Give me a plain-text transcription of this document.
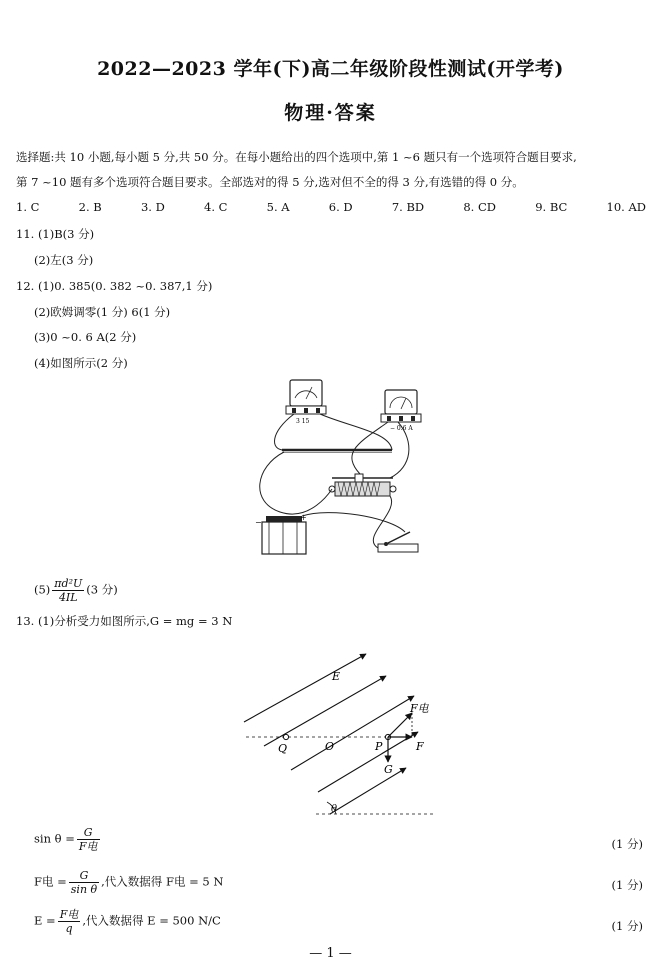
2022—2023 学年(下)高二年级阶段性测试(开学考)
物理·答案
选择题:共 10 小题,每小题 5 分,共 50 分。在每小题给出的四个选项中,第 1 ~6 题只有一个选项符合题目要求,
第 7 ~10 题有多个选项符合题目要求。全部选对的得 5 分,选对但不全的得 3 分,有选错的得 0 分。
1. C	2. B	3. D	4. C	5. A	6. D	7. BD	8. CD	9. BC	10. AD
11. (1)B(3 分)
(2)左(3 分)
12. (1)0. 385(0. 382 ~0. 387,1 分)
(2)欧姆调零(1 分) 6(1 分)
(3)0 ~0. 6 A(2 分)
(4)如图所示(2 分)
3 15
− 0.6 A
−
+
$(5) \frac{\text{πd²U}}{4IL} (3$ 分)
13. (1)分析受力如图所示,G = mg = 3 N
E
Q	O	P
F电
F
G
θ
$\sin \theta = \frac{G}{\text{F电}}$	(1 分)
F电 = $\frac{G}{\text{sin θ}}$ ,代入数据得 F电 = 5 N	(1 分)
$E = \frac{\text{F电}}{q}$ ,代入数据得 E = 500 N/C	(1 分)
— 1 —
